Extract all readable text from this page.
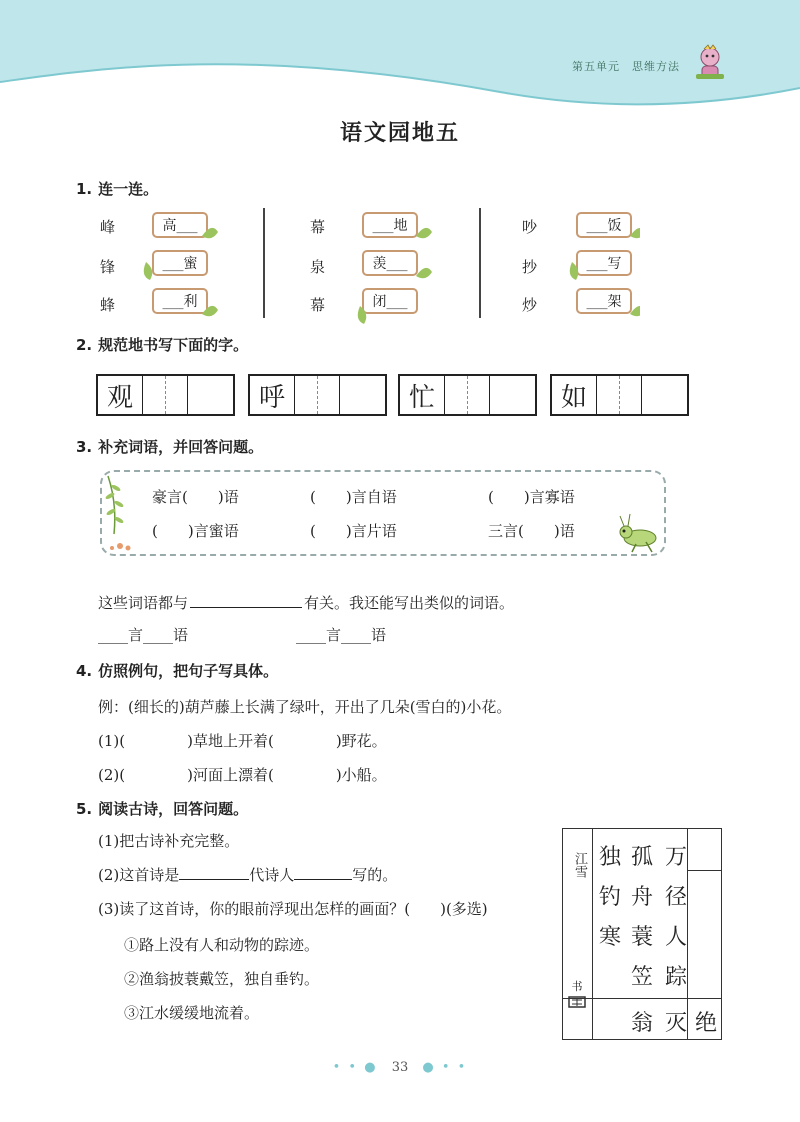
第五单元　思维方法
语文园地五
1. 连一连。
峰
锋
蜂
高___
___蜜
___利
幕
泉
幕
___地
羡___
闭___
吵
抄
炒
___饭
___写
___架
2. 规范地书写下面的字。
观	呼	忙	如
3. 补充词语，并回答问题。
豪言(　　)语	(　　)言自语	(　　)言寡语
(　　)言蜜语	(　　)言片语	三言(　　)语
这些词语都与	有关。我还能写出类似的词语。
____言____语	____言____语
4. 仿照例句，把句子写具体。
例：(细长的)葫芦藤上长满了绿叶，开出了几朵(雪白的)小花。
(1)(	)草地上开着(	)野花。
(2)(	)河面上漂着(	)小船。
5. 阅读古诗，回答问题。
(1)把古诗补充完整。
(2)这首诗是	代诗人	写的。
(3)读了这首诗，你的眼前浮现出怎样的画面？(　　)(多选)
①路上没有人和动物的踪迹。
②渔翁披蓑戴笠，独自垂钓。
③江水缓缓地流着。
江雪
书
万
径
人
踪
灭 绝
孤
舟
蓑
笠
翁
独
钓
寒
• • ● 33 ● • •
